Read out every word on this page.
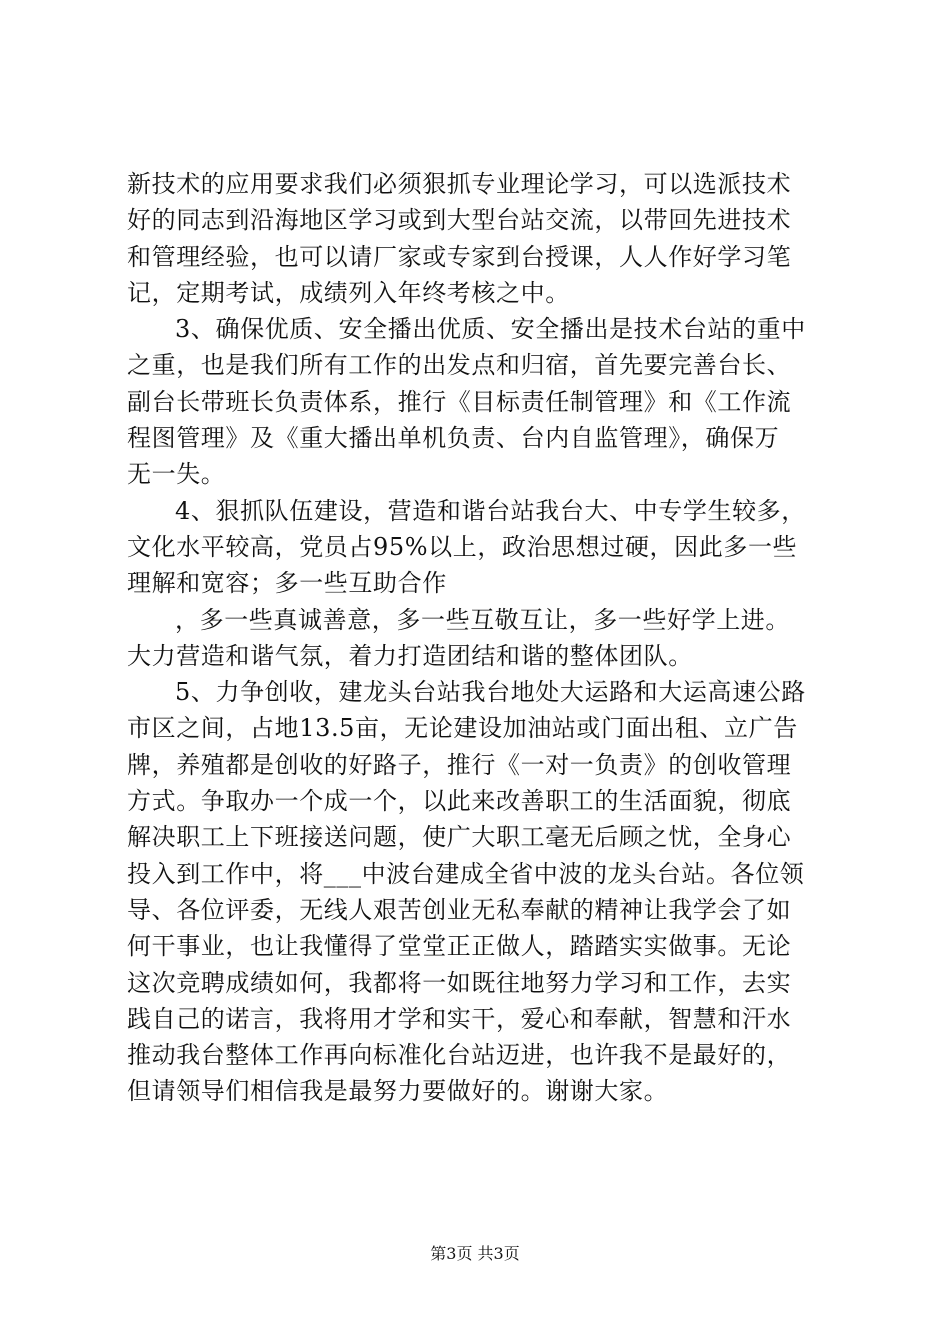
新技术的应用要求我们必须狠抓专业理论学习，可以选派技术
好的同志到沿海地区学习或到大型台站交流，以带回先进技术
和管理经验，也可以请厂家或专家到台授课，人人作好学习笔
记，定期考试，成绩列入年终考核之中。
3、确保优质、安全播出优质、安全播出是技术台站的重中
之重，也是我们所有工作的出发点和归宿，首先要完善台长、
副台长带班长负责体系，推行《目标责任制管理》和《工作流
程图管理》及《重大播出单机负责、台内自监管理》，确保万
无一失。
4、狠抓队伍建设，营造和谐台站我台大、中专学生较多，
文化水平较高，党员占95%以上，政治思想过硬，因此多一些
理解和宽容；多一些互助合作
，多一些真诚善意，多一些互敬互让，多一些好学上进。
大力营造和谐气氛，着力打造团结和谐的整体团队。
5、力争创收，建龙头台站我台地处大运路和大运高速公路
市区之间，占地13.5亩，无论建设加油站或门面出租、立广告
牌，养殖都是创收的好路子，推行《一对一负责》的创收管理
方式。争取办一个成一个，以此来改善职工的生活面貌，彻底
解决职工上下班接送问题，使广大职工毫无后顾之忧，全身心
投入到工作中，将___中波台建成全省中波的龙头台站。各位领
导、各位评委，无线人艰苦创业无私奉献的精神让我学会了如
何干事业，也让我懂得了堂堂正正做人，踏踏实实做事。无论
这次竞聘成绩如何，我都将一如既往地努力学习和工作，去实
践自己的诺言，我将用才学和实干，爱心和奉献，智慧和汗水
推动我台整体工作再向标准化台站迈进，也许我不是最好的，
但请领导们相信我是最努力要做好的。谢谢大家。
第3页 共3页
